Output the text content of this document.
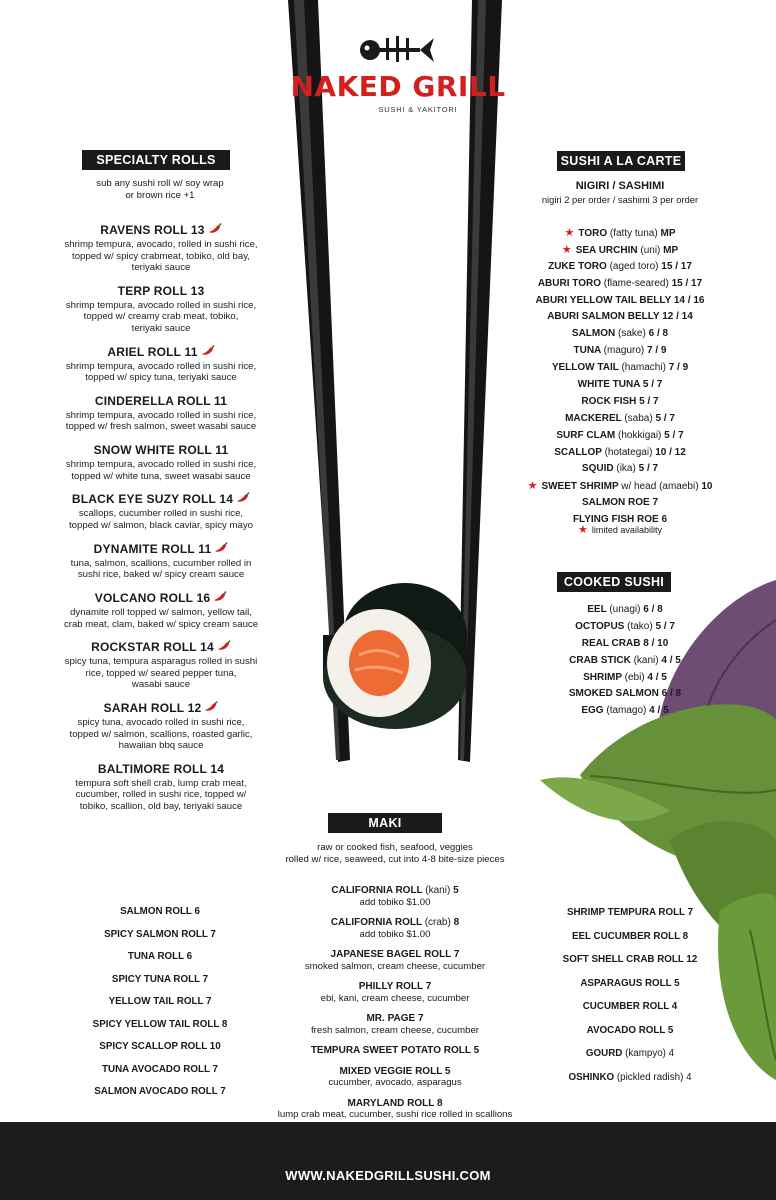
NAKED GRILL
SUSHI & YAKITORI
SPECIALTY ROLLS
sub any sushi roll w/ soy wrap
or brown rice +1
RAVENS ROLL 13
shrimp tempura, avocado, rolled in sushi rice,
topped w/ spicy crabmeat, tobiko, old bay,
teriyaki sauce
TERP ROLL 13
shrimp tempura, avocado rolled in sushi rice,
topped w/ creamy crab meat, tobiko,
teriyaki sauce
ARIEL ROLL 11
shrimp tempura, avocado rolled in sushi rice,
topped w/ spicy tuna, teriyaki sauce
CINDERELLA ROLL 11
shrimp tempura, avocado rolled in sushi rice,
topped w/ fresh salmon, sweet wasabi sauce
SNOW WHITE ROLL 11
shrimp tempura, avocado rolled in sushi rice,
topped w/ white tuna, sweet wasabi sauce
BLACK EYE SUZY ROLL 14
scallops, cucumber rolled in sushi rice,
topped w/ salmon, black caviar, spicy mayo
DYNAMITE ROLL 11
tuna, salmon, scallions, cucumber rolled in
sushi rice, baked w/ spicy cream sauce
VOLCANO ROLL 16
dynamite roll topped w/ salmon, yellow tail,
crab meat, clam, baked w/ spicy cream sauce
ROCKSTAR ROLL 14
spicy tuna, tempura asparagus rolled in sushi
rice, topped w/ seared pepper tuna,
wasabi sauce
SARAH ROLL 12
spicy tuna, avocado rolled in sushi rice,
topped w/ salmon, scallions, roasted garlic,
hawaiian bbq sauce
BALTIMORE ROLL 14
tempura soft shell crab, lump crab meat,
cucumber, rolled in sushi rice, topped w/
tobiko, scallion, old bay, teriyaki sauce
SUSHI A LA CARTE
NIGIRI / SASHIMI
nigiri 2 per order / sashimi 3 per order
★ TORO (fatty tuna) MP
★ SEA URCHIN (uni) MP
ZUKE TORO (aged toro) 15 / 17
ABURI TORO (flame-seared) 15 / 17
ABURI YELLOW TAIL BELLY 14 / 16
ABURI SALMON BELLY 12 / 14
SALMON (sake) 6 / 8
TUNA (maguro) 7 / 9
YELLOW TAIL (hamachi) 7 / 9
WHITE TUNA 5 / 7
ROCK FISH 5 / 7
MACKEREL (saba) 5 / 7
SURF CLAM (hokkigai) 5 / 7
SCALLOP (hotategai) 10 / 12
SQUID (ika) 5 / 7
★ SWEET SHRIMP w/ head (amaebi) 10
SALMON ROE 7
FLYING FISH ROE 6
★ limited availability
COOKED SUSHI
EEL (unagi) 6 / 8
OCTOPUS (tako) 5 / 7
REAL CRAB 8 / 10
CRAB STICK (kani) 4 / 5
SHRIMP (ebi) 4 / 5
SMOKED SALMON 6 / 8
EGG (tamago) 4 / 5
MAKI
raw or cooked fish, seafood, veggies
rolled w/ rice, seaweed, cut into 4-8 bite-size pieces
SALMON ROLL 6
SPICY SALMON ROLL 7
TUNA ROLL 6
SPICY TUNA ROLL 7
YELLOW TAIL ROLL 7
SPICY YELLOW TAIL ROLL 8
SPICY SCALLOP ROLL 10
TUNA AVOCADO ROLL 7
SALMON AVOCADO ROLL 7
CALIFORNIA ROLL (kani) 5
add tobiko $1.00
CALIFORNIA ROLL (crab) 8
add tobiko $1.00
JAPANESE BAGEL ROLL 7
smoked salmon, cream cheese, cucumber
PHILLY ROLL 7
ebi, kani, cream cheese, cucumber
MR. PAGE 7
fresh salmon, cream cheese, cucumber
TEMPURA SWEET POTATO ROLL 5
MIXED VEGGIE ROLL 5
cucumber, avocado, asparagus
MARYLAND ROLL 8
lump crab meat, cucumber, sushi rice rolled in scallions
SHRIMP TEMPURA ROLL 7
EEL CUCUMBER ROLL 8
SOFT SHELL CRAB ROLL 12
ASPARAGUS ROLL 5
CUCUMBER ROLL 4
AVOCADO ROLL 5
GOURD (kampyo) 4
OSHINKO (pickled radish) 4
WWW.NAKEDGRILLSUSHI.COM
